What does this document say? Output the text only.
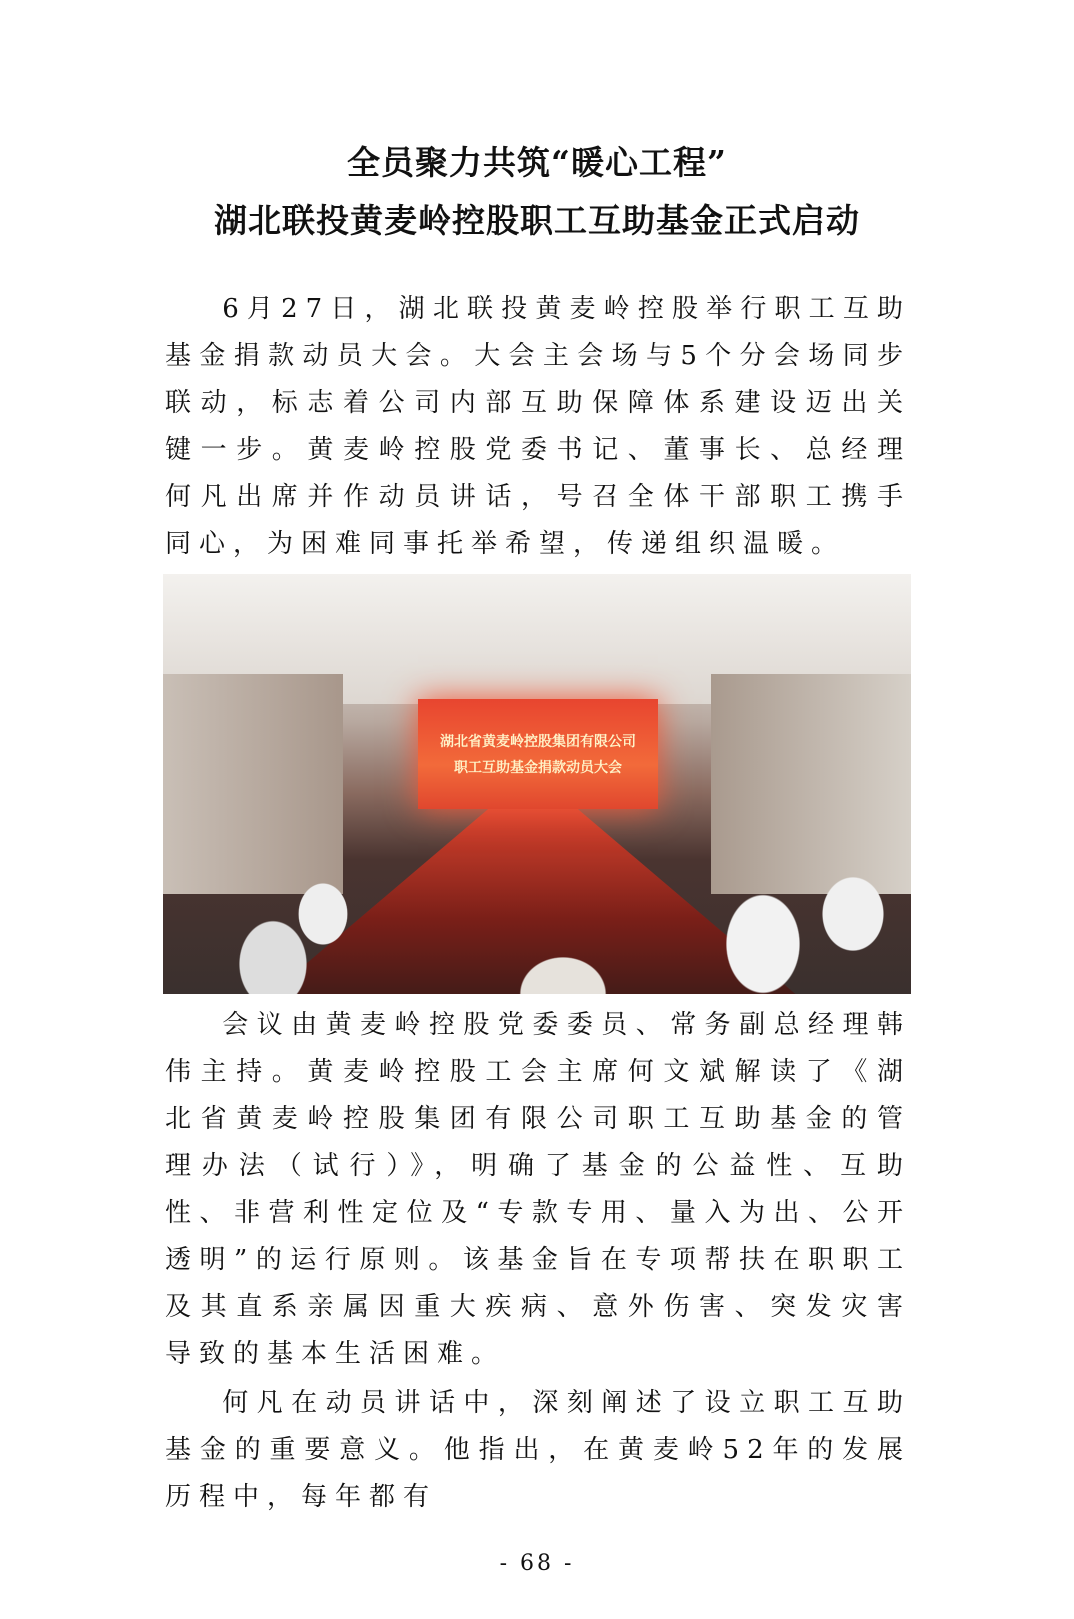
全员聚力共筑“暖心工程”
湖北联投黄麦岭控股职工互助基金正式启动

6月27日，湖北联投黄麦岭控股举行职工互助基金捐款动员大会。大会主会场与5个分会场同步联动，标志着公司内部互助保障体系建设迈出关键一步。黄麦岭控股党委书记、董事长、总经理何凡出席并作动员讲话，号召全体干部职工携手同心，为困难同事托举希望，传递组织温暖。

湖北省黄麦岭控股集团有限公司
职工互助基金捐款动员大会

会议由黄麦岭控股党委委员、常务副总经理韩伟主持。黄麦岭控股工会主席何文斌解读了《湖北省黄麦岭控股集团有限公司职工互助基金的管理办法（试行）》，明确了基金的公益性、互助性、非营利性定位及“专款专用、量入为出、公开透明”的运行原则。该基金旨在专项帮扶在职职工及其直系亲属因重大疾病、意外伤害、突发灾害导致的基本生活困难。

何凡在动员讲话中，深刻阐述了设立职工互助基金的重要意义。他指出，在黄麦岭52年的发展历程中，每年都有

- 68 -
